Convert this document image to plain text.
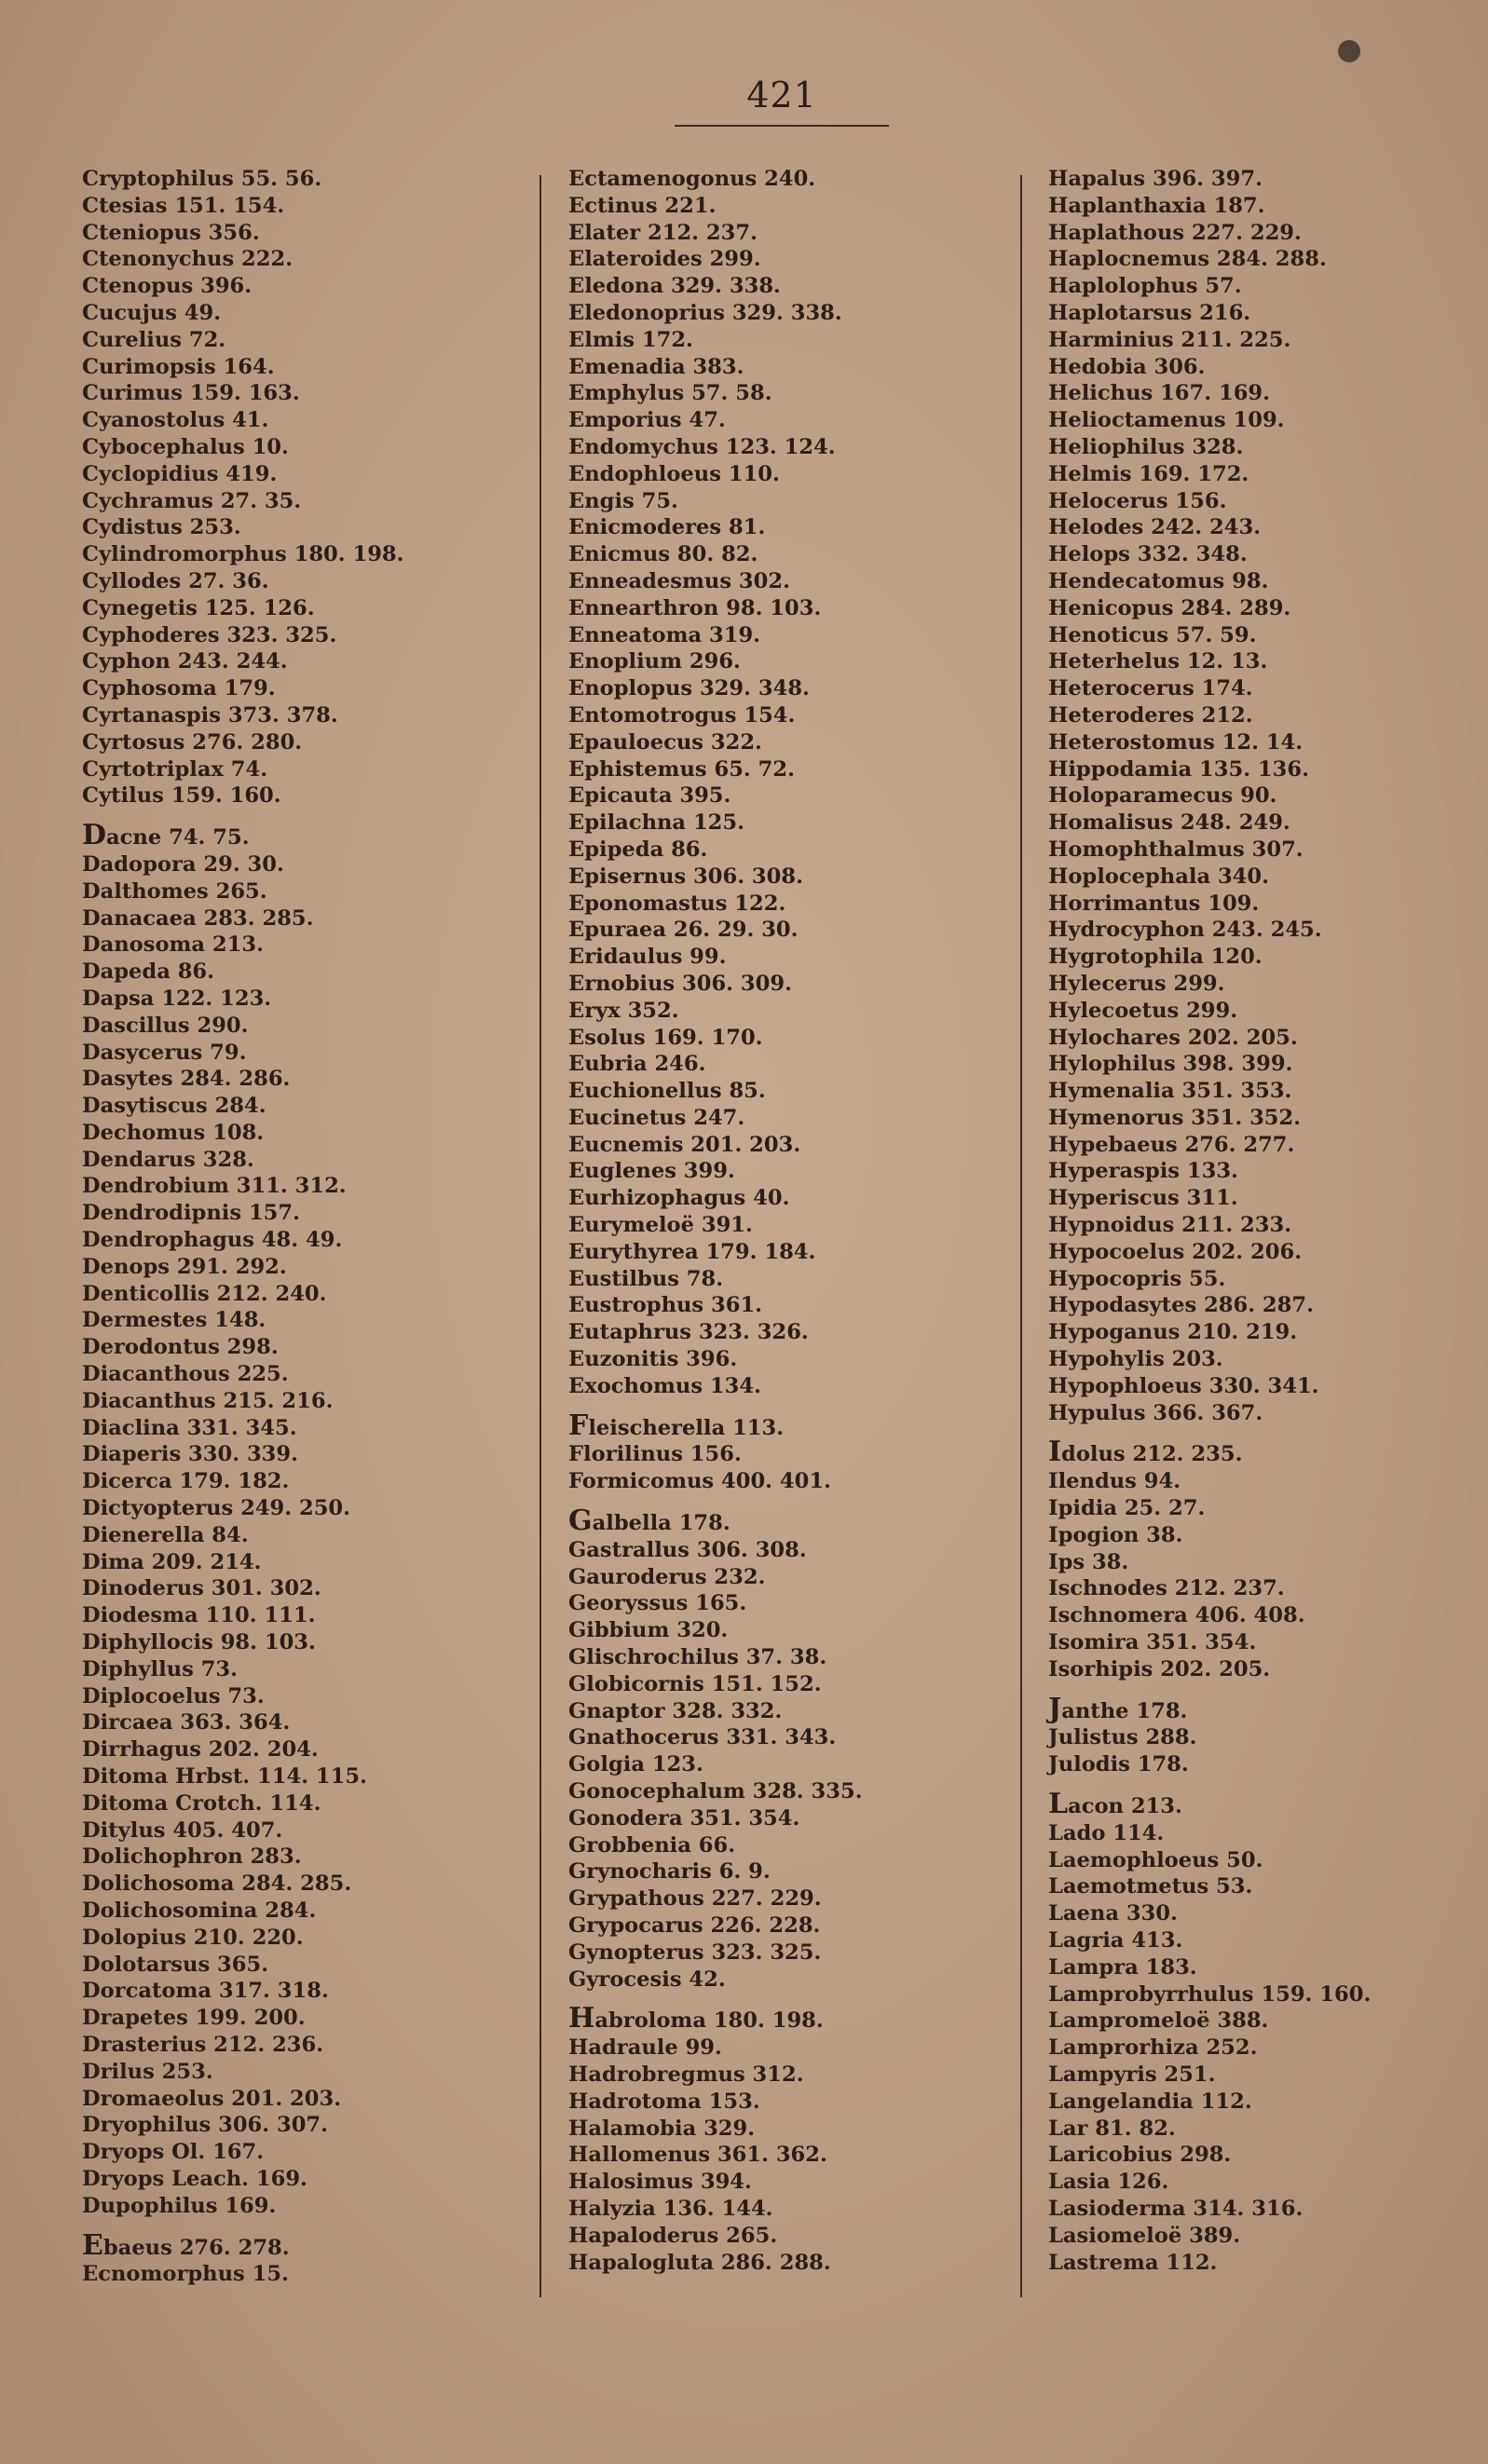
421
Cryptophilus 55. 56.
Ctesias 151. 154.
Cteniopus 356.
Ctenonychus 222.
Ctenopus 396.
Cucujus 49.
Curelius 72.
Curimopsis 164.
Curimus 159. 163.
Cyanostolus 41.
Cybocephalus 10.
Cyclopidius 419.
Cychramus 27. 35.
Cydistus 253.
Cylindromorphus 180. 198.
Cyllodes 27. 36.
Cynegetis 125. 126.
Cyphoderes 323. 325.
Cyphon 243. 244.
Cyphosoma 179.
Cyrtanaspis 373. 378.
Cyrtosus 276. 280.
Cyrtotriplax 74.
Cytilus 159. 160.
Dacne 74. 75.
Dadopora 29. 30.
Dalthomes 265.
Danacaea 283. 285.
Danosoma 213.
Dapeda 86.
Dapsa 122. 123.
Dascillus 290.
Dasycerus 79.
Dasytes 284. 286.
Dasytiscus 284.
Dechomus 108.
Dendarus 328.
Dendrobium 311. 312.
Dendrodipnis 157.
Dendrophagus 48. 49.
Denops 291. 292.
Denticollis 212. 240.
Dermestes 148.
Derodontus 298.
Diacanthous 225.
Diacanthus 215. 216.
Diaclina 331. 345.
Diaperis 330. 339.
Dicerca 179. 182.
Dictyopterus 249. 250.
Dienerella 84.
Dima 209. 214.
Dinoderus 301. 302.
Diodesma 110. 111.
Diphyllocis 98. 103.
Diphyllus 73.
Diplocoelus 73.
Dircaea 363. 364.
Dirrhagus 202. 204.
Ditoma Hrbst. 114. 115.
Ditoma Crotch. 114.
Ditylus 405. 407.
Dolichophron 283.
Dolichosoma 284. 285.
Dolichosomina 284.
Dolopius 210. 220.
Dolotarsus 365.
Dorcatoma 317. 318.
Drapetes 199. 200.
Drasterius 212. 236.
Drilus 253.
Dromaeolus 201. 203.
Dryophilus 306. 307.
Dryops Ol. 167.
Dryops Leach. 169.
Dupophilus 169.
Ebaeus 276. 278.
Ecnomorphus 15.
Ectamenogonus 240.
Ectinus 221.
Elater 212. 237.
Elateroides 299.
Eledona 329. 338.
Eledonoprius 329. 338.
Elmis 172.
Emenadia 383.
Emphylus 57. 58.
Emporius 47.
Endomychus 123. 124.
Endophloeus 110.
Engis 75.
Enicmoderes 81.
Enicmus 80. 82.
Enneadesmus 302.
Ennearthron 98. 103.
Enneatoma 319.
Enoplium 296.
Enoplopus 329. 348.
Entomotrogus 154.
Epauloecus 322.
Ephistemus 65. 72.
Epicauta 395.
Epilachna 125.
Epipeda 86.
Episernus 306. 308.
Eponomastus 122.
Epuraea 26. 29. 30.
Eridaulus 99.
Ernobius 306. 309.
Eryx 352.
Esolus 169. 170.
Eubria 246.
Euchionellus 85.
Eucinetus 247.
Eucnemis 201. 203.
Euglenes 399.
Eurhizophagus 40.
Eurymeloë 391.
Eurythyrea 179. 184.
Eustilbus 78.
Eustrophus 361.
Eutaphrus 323. 326.
Euzonitis 396.
Exochomus 134.
Fleischerella 113.
Florilinus 156.
Formicomus 400. 401.
Galbella 178.
Gastrallus 306. 308.
Gauroderus 232.
Georyssus 165.
Gibbium 320.
Glischrochilus 37. 38.
Globicornis 151. 152.
Gnaptor 328. 332.
Gnathocerus 331. 343.
Golgia 123.
Gonocephalum 328. 335.
Gonodera 351. 354.
Grobbenia 66.
Grynocharis 6. 9.
Grypathous 227. 229.
Grypocarus 226. 228.
Gynopterus 323. 325.
Gyrocesis 42.
Habroloma 180. 198.
Hadraule 99.
Hadrobregmus 312.
Hadrotoma 153.
Halamobia 329.
Hallomenus 361. 362.
Halosimus 394.
Halyzia 136. 144.
Hapaloderus 265.
Hapalogluta 286. 288.
Hapalus 396. 397.
Haplanthaxia 187.
Haplathous 227. 229.
Haplocnemus 284. 288.
Haplolophus 57.
Haplotarsus 216.
Harminius 211. 225.
Hedobia 306.
Helichus 167. 169.
Helioctamenus 109.
Heliophilus 328.
Helmis 169. 172.
Helocerus 156.
Helodes 242. 243.
Helops 332. 348.
Hendecatomus 98.
Henicopus 284. 289.
Henoticus 57. 59.
Heterhelus 12. 13.
Heterocerus 174.
Heteroderes 212.
Heterostomus 12. 14.
Hippodamia 135. 136.
Holoparamecus 90.
Homalisus 248. 249.
Homophthalmus 307.
Hoplocephala 340.
Horrimantus 109.
Hydrocyphon 243. 245.
Hygrotophila 120.
Hylecerus 299.
Hylecoetus 299.
Hylochares 202. 205.
Hylophilus 398. 399.
Hymenalia 351. 353.
Hymenorus 351. 352.
Hypebaeus 276. 277.
Hyperaspis 133.
Hyperiscus 311.
Hypnoidus 211. 233.
Hypocoelus 202. 206.
Hypocopris 55.
Hypodasytes 286. 287.
Hypoganus 210. 219.
Hypohylis 203.
Hypophloeus 330. 341.
Hypulus 366. 367.
Idolus 212. 235.
Ilendus 94.
Ipidia 25. 27.
Ipogion 38.
Ips 38.
Ischnodes 212. 237.
Ischnomera 406. 408.
Isomira 351. 354.
Isorhipis 202. 205.
Janthe 178.
Julistus 288.
Julodis 178.
Lacon 213.
Lado 114.
Laemophloeus 50.
Laemotmetus 53.
Laena 330.
Lagria 413.
Lampra 183.
Lamprobyrrhulus 159. 160.
Lampromeloë 388.
Lamprorhiza 252.
Lampyris 251.
Langelandia 112.
Lar 81. 82.
Laricobius 298.
Lasia 126.
Lasioderma 314. 316.
Lasiomeloë 389.
Lastrema 112.
